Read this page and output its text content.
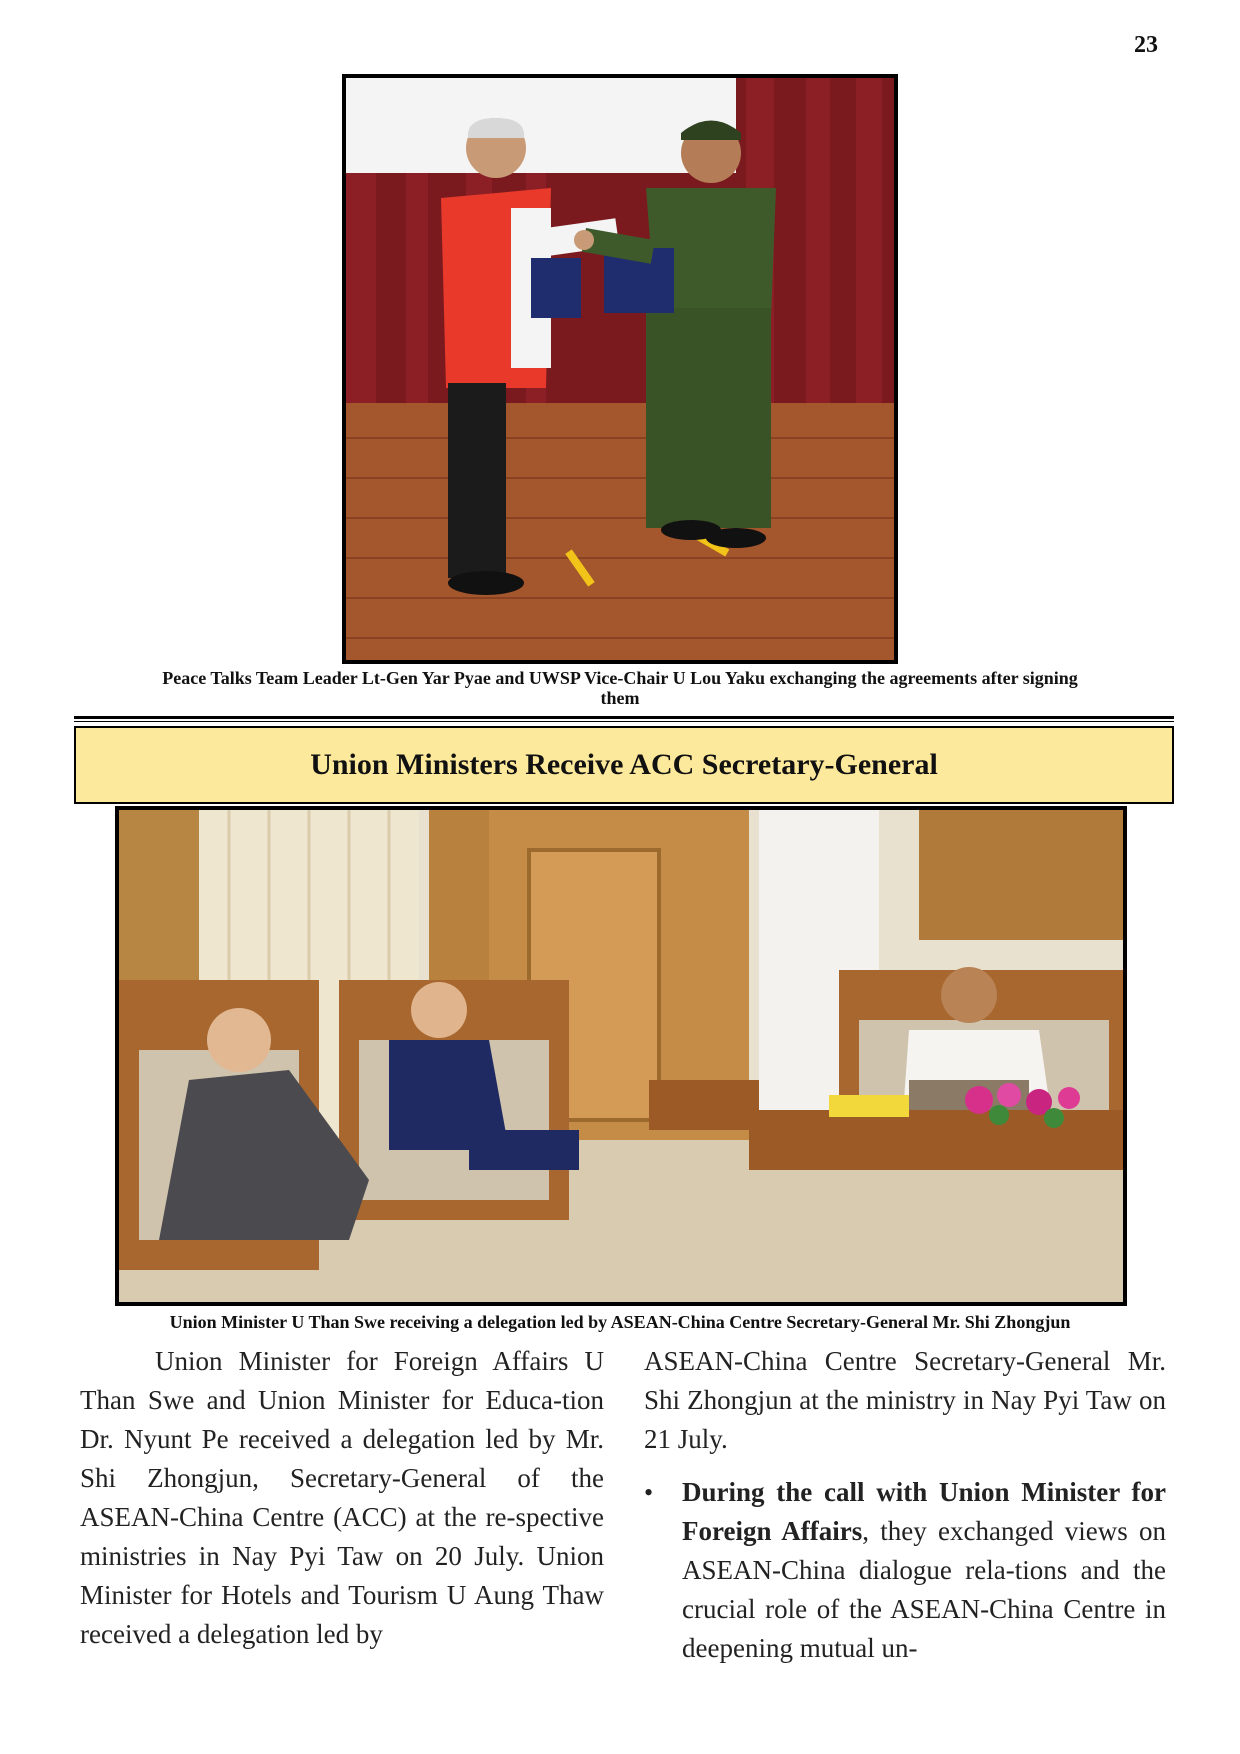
23
Peace Talks Team Leader Lt-Gen Yar Pyae and UWSP Vice-Chair U Lou Yaku exchanging the agreements after signing them
Union Ministers Receive ACC Secretary-General
Union Minister U Than Swe receiving a delegation led by ASEAN-China Centre Secretary-General Mr. Shi Zhongjun

Union Minister for Foreign Affairs U Than Swe and Union Minister for Educa-tion Dr. Nyunt Pe received a delegation led by Mr. Shi Zhongjun, Secretary-General of the ASEAN-China Centre (ACC) at the re-spective ministries in Nay Pyi Taw on 20 July. Union Minister for Hotels and Tourism U Aung Thaw received a delegation led by

ASEAN-China Centre Secretary-General Mr. Shi Zhongjun at the ministry in Nay Pyi Taw on 21 July.

• During the call with Union Minister for Foreign Affairs, they exchanged views on ASEAN-China dialogue rela-tions and the crucial role of the ASEAN-China Centre in deepening mutual un-
